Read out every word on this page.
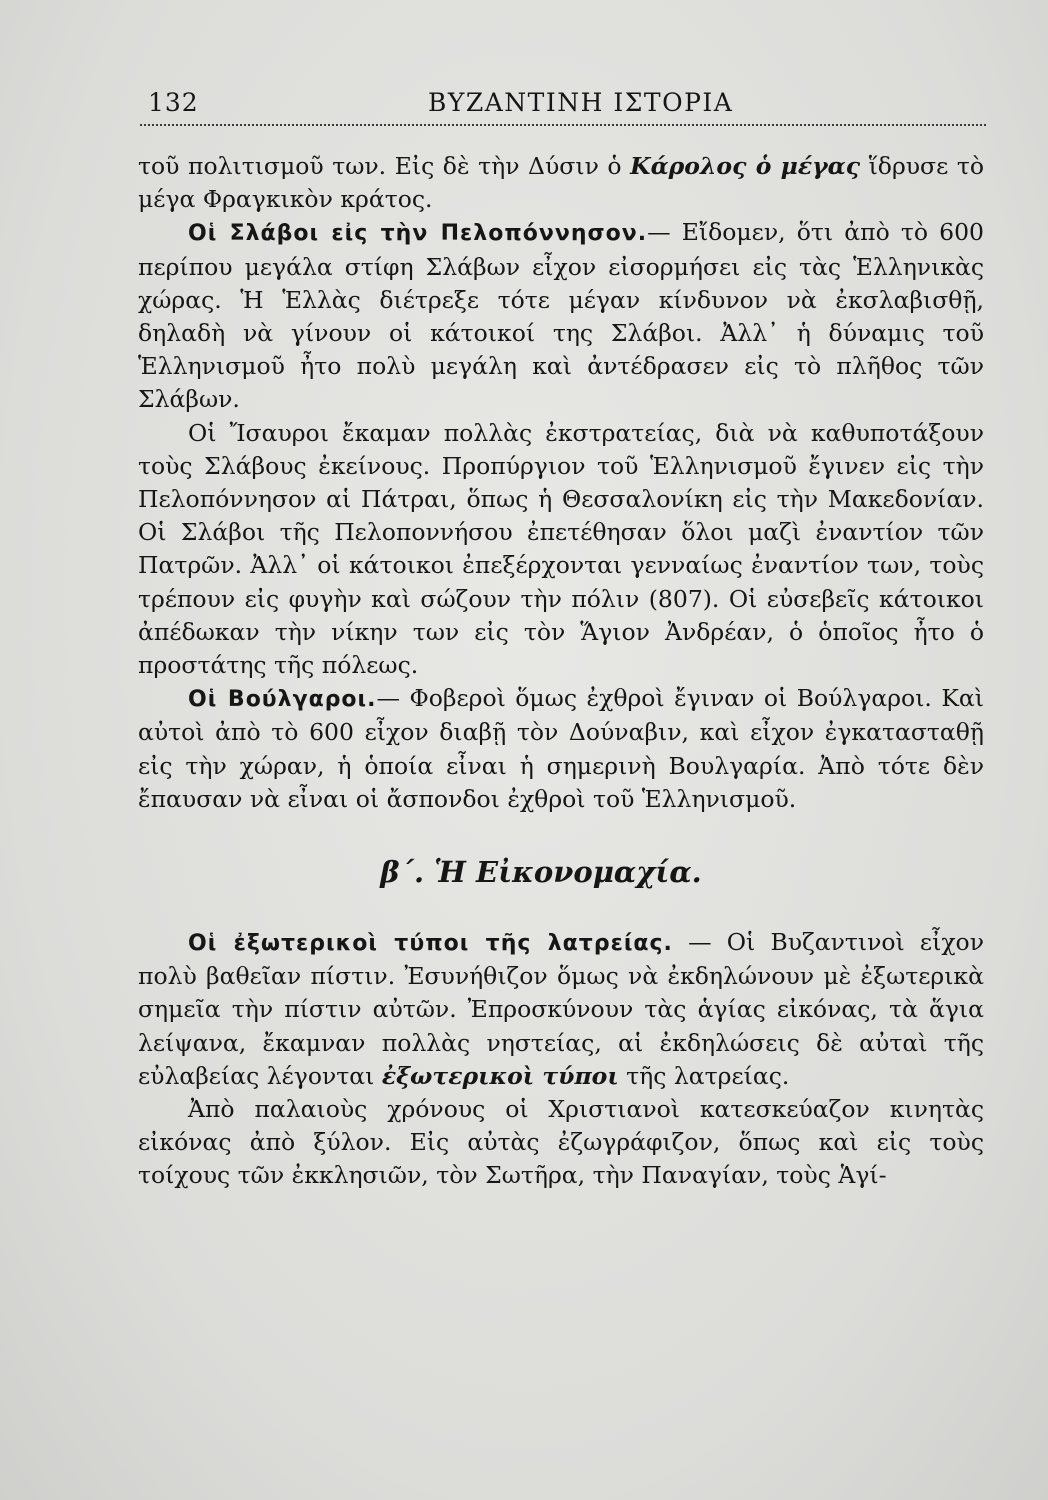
132	ΒΥΖΑΝΤΙΝΗ ΙΣΤΟΡΙΑ

τοῦ πολιτισμοῦ των. Εἰς δὲ τὴν Δύσιν ὁ Κάρολος ὁ μέγας ἵδρυσε τὸ μέγα Φραγκικὸν κράτος.

Οἱ Σλάβοι εἰς τὴν Πελοπόννησον.— Εἴδομεν, ὅτι ἀπὸ τὸ 600 περίπου μεγάλα στίφη Σλάβων εἶχον εἰσορμήσει εἰς τὰς Ἑλληνικὰς χώρας. Ἡ Ἑλλὰς διέτρεξε τότε μέγαν κίνδυνον νὰ ἐκσλαβισθῇ, δηλαδὴ νὰ γίνουν οἱ κάτοικοί της Σλάβοι. Ἀλλ᾽ ἡ δύναμις τοῦ Ἑλληνισμοῦ ἦτο πολὺ μεγάλη καὶ ἀντέδρασεν εἰς τὸ πλῆθος τῶν Σλάβων.

Οἱ Ἴσαυροι ἔκαμαν πολλὰς ἐκστρατείας, διὰ νὰ καθυποτάξουν τοὺς Σλάβους ἐκείνους. Προπύργιον τοῦ Ἑλληνισμοῦ ἔγινεν εἰς τὴν Πελοπόννησον αἱ Πάτραι, ὅπως ἡ Θεσσαλονίκη εἰς τὴν Μακεδονίαν. Οἱ Σλάβοι τῆς Πελοποννήσου ἐπετέθησαν ὅλοι μαζὶ ἐναντίον τῶν Πατρῶν. Ἀλλ᾽ οἱ κάτοικοι ἐπεξέρχονται γενναίως ἐναντίον των, τοὺς τρέπουν εἰς φυγὴν καὶ σώζουν τὴν πόλιν (807). Οἱ εὐσεβεῖς κάτοικοι ἀπέδωκαν τὴν νίκην των εἰς τὸν Ἅγιον Ἀνδρέαν, ὁ ὁποῖος ἦτο ὁ προστάτης τῆς πόλεως.

Οἱ Βούλγαροι.— Φοβεροὶ ὅμως ἐχθροὶ ἔγιναν οἱ Βούλγαροι. Καὶ αὐτοὶ ἀπὸ τὸ 600 εἶχον διαβῇ τὸν Δούναβιν, καὶ εἶχον ἐγκατασταθῇ εἰς τὴν χώραν, ἡ ὁποία εἶναι ἡ σημερινὴ Βουλγαρία. Ἀπὸ τότε δὲν ἔπαυσαν νὰ εἶναι οἱ ἄσπονδοι ἐχθροὶ τοῦ Ἑλληνισμοῦ.

β΄. Ἡ Εἰκονομαχία.

Οἱ ἐξωτερικοὶ τύποι τῆς λατρείας. — Οἱ Βυζαντινοὶ εἶχον πολὺ βαθεῖαν πίστιν. Ἐσυνήθιζον ὅμως νὰ ἐκδηλώνουν μὲ ἐξωτερικὰ σημεῖα τὴν πίστιν αὐτῶν. Ἐπροσκύνουν τὰς ἁγίας εἰκόνας, τὰ ἅγια λείψανα, ἔκαμναν πολλὰς νηστείας, αἱ ἐκδηλώσεις δὲ αὐταὶ τῆς εὐλαβείας λέγονται ἐξωτερικοὶ τύποι τῆς λατρείας.

Ἀπὸ παλαιοὺς χρόνους οἱ Χριστιανοὶ κατεσκεύαζον κινητὰς εἰκόνας ἀπὸ ξύλον. Εἰς αὐτὰς ἐζωγράφιζον, ὅπως καὶ εἰς τοὺς τοίχους τῶν ἐκκλησιῶν, τὸν Σωτῆρα, τὴν Παναγίαν, τοὺς Ἁγί-
